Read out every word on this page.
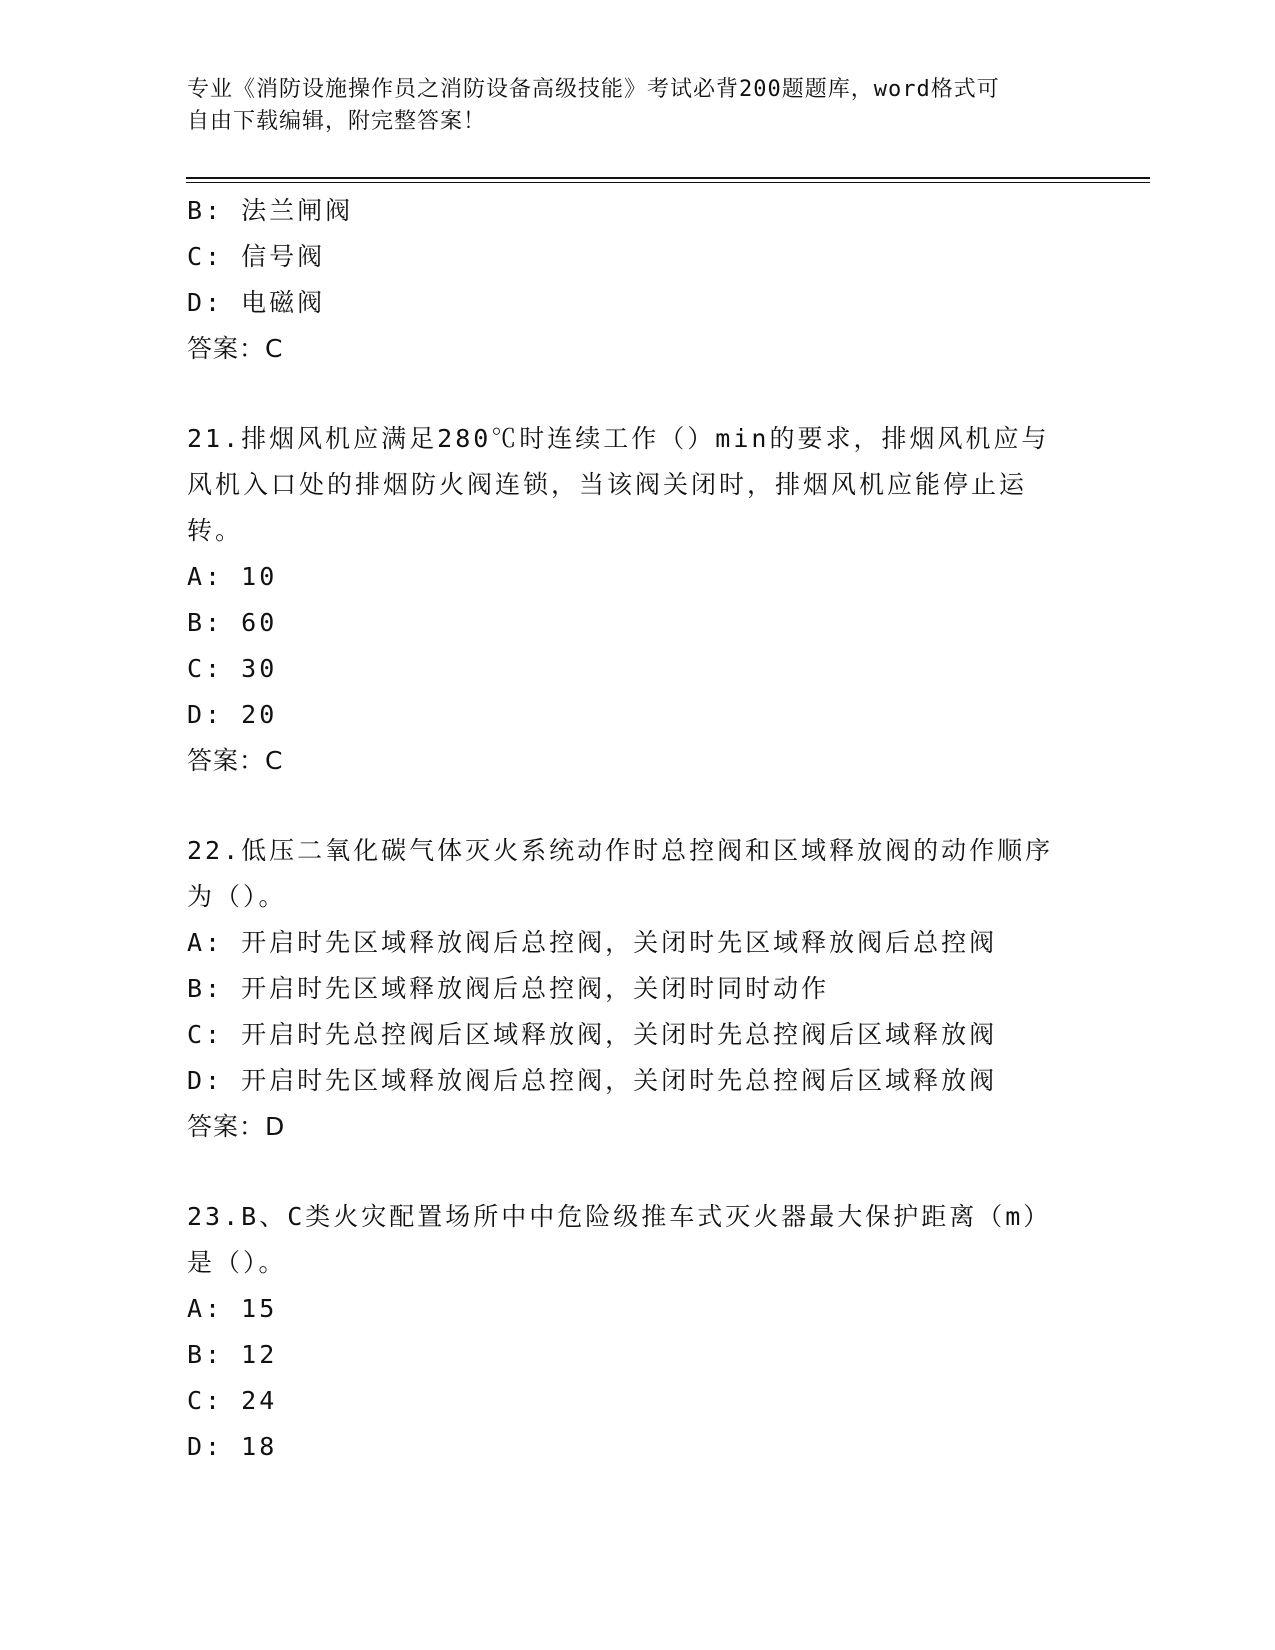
专业《消防设施操作员之消防设备高级技能》考试必背200题题库，word格式可
自由下载编辑，附完整答案！
B: 法兰闸阀
C: 信号阀
D: 电磁阀
答案：C
21.排烟风机应满足280℃时连续工作（）min的要求，排烟风机应与
风机入口处的排烟防火阀连锁，当该阀关闭时，排烟风机应能停止运
转。
A: 10
B: 60
C: 30
D: 20
答案：C
22.低压二氧化碳气体灭火系统动作时总控阀和区域释放阀的动作顺序
为（）。
A: 开启时先区域释放阀后总控阀，关闭时先区域释放阀后总控阀
B: 开启时先区域释放阀后总控阀，关闭时同时动作
C: 开启时先总控阀后区域释放阀，关闭时先总控阀后区域释放阀
D: 开启时先区域释放阀后总控阀，关闭时先总控阀后区域释放阀
答案：D
23.B、C类火灾配置场所中中危险级推车式灭火器最大保护距离（m）
是（）。
A: 15
B: 12
C: 24
D: 18
